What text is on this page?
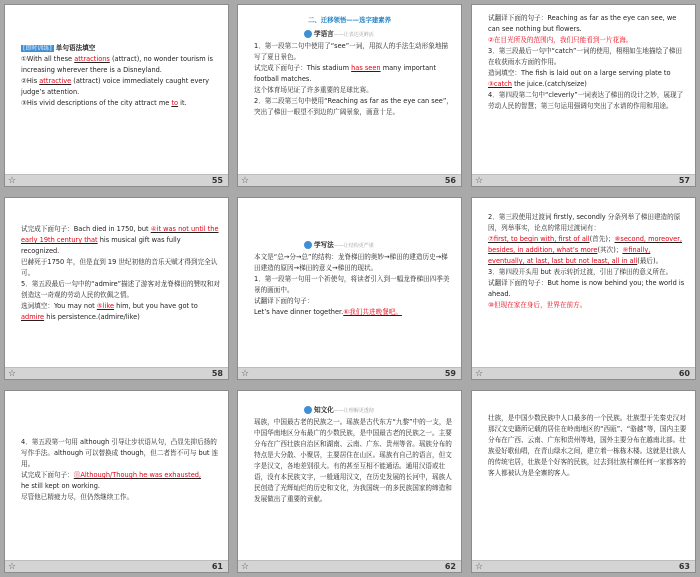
[即时训练] 单句语法填空

①With all these attractions (attract), no wonder tourism is

increasing wherever there is a Disneyland.

②His attractive (attract) voice immediately caught every

judge’s attention.

③His vivid descriptions of the city attract me to it.

☆	55
二、迁移领悟——选字建素养

学语言——让表达更鲜活

1．第一段第二句中使用了“see”一词，用拟人的手法生动形象地描写了夏日景色。

试完成下面句子：This stadium has seen many important football matches.

这个体育场见证了许多重要的足球比赛。

2．第二段第三句中使用“Reaching as far as the eye can see”，突出了梯田一眼望不到边的广阔景象，画意十足。

☆	56

试翻译下面的句子：Reaching as far as the eye can see, we can see nothing but flowers.

②在目光所及的范围内，我们只能看到一片花海。

3．第三段最后一句中“catch”一词的使用，栩栩如生地描绘了梯田在收获雨水方面的作用。

造词填空：The fish is laid out on a large serving plate to

③catch the juice.(catch/seize)

4．第四段第二句中“cleverly”一词表达了梯田的设计之妙，展现了劳动人民的智慧；第三句运用强调句突出了水谱的作用和用途。

☆	57

试完成下面句子：Bach died in 1750, but ④it was not until the early 19th century that his musical gift was fully recognized.

巴赫死于1750 年，但是直到 19 世纪初他的音乐天赋才得到完全认可。

5．第五段最后一句中的“admire”描述了游客对龙脊梯田的赞叹和对创造这一奇观的劳动人民的钦佩之情。

选词填空：You may not ⑤like him, but you have got to admire his persistence.(admire/like)

☆	58

学写法——让结构更严谨

本文是“总→分→总”的结构：龙脊梯田的奥妙→梯田的建造历史→梯田建造的原因→梯田的意义→梯田的现状。

1．第一段第一句用一个祈使句，将读者引入到一幅龙脊梯田四季美景的画面中。

试翻译下面的句子：

Let’s have dinner together.⑥我们共进晚餐吧。

☆	59

2．第三段使用过渡词 firstly, secondly 分条列举了梯田建造的原因，列举事实，论点的常用过渡词有：

⑦first, to begin with, first of all(首先)；⑧second, moreover, besides, in addition, what’s more(其次)；⑨finally, eventually, at last, last but not least, all in all(最后)。

3．第四段开头用 but 表示转折过渡，引出了梯田的意义所在。

试翻译下面的句子：But home is now behind you; the world is ahead.

⑩但现在家在身后，世界在前方。

☆	60

4．第五段第一句用 although 引导让步状语从句，凸显先抑后扬的写作手法。although 可以替换成 though，但二者皆不可与 but 连用。

试完成下面句子：⑪Although/Though he was exhausted,

he still kept on working.

尽管他已精疲力尽，但仍然继续工作。

☆	61

知文化——让理解更透彻

瑶族，中国最古老的民族之一。瑶族是古代东方“九黎”中的一支，是中国华南地区分布最广的少数民族，是中国最古老的民族之一。主要分布在广西壮族自治区和湖南、云南、广东、贵州等省。瑶族分布的特点是大分散、小聚居，主要居住在山区。瑶族有自己的语言，但文字是汉文，各地差别很大。有的甚至互相不能通话。通用汉语或壮语，没有本民族文字，一般通用汉文，在历史发展的长河中，瑶族人民创造了光辉灿烂的历史和文化，为我国统一的多民族国家的缔造和发展做出了重要的贡献。

☆	62

壮族，是中国少数民族中人口最多的一个民族。壮族型于先秦史汉对那汉文史籍所记载的居住在岭南地区的“西瓯”、“骆越”等，国内主要分布在广西、云南、广东和贵州等地，国外主要分布在越南北部。壮族爱好歌仙唱，在青山绿水之间，建立着一栋栋木楼。这就是壮族人的传统宅居，壮族是个好客的民族，过去到壮族村寨任何一家都客的客人都被认为是全寨的客人。

☆	63
